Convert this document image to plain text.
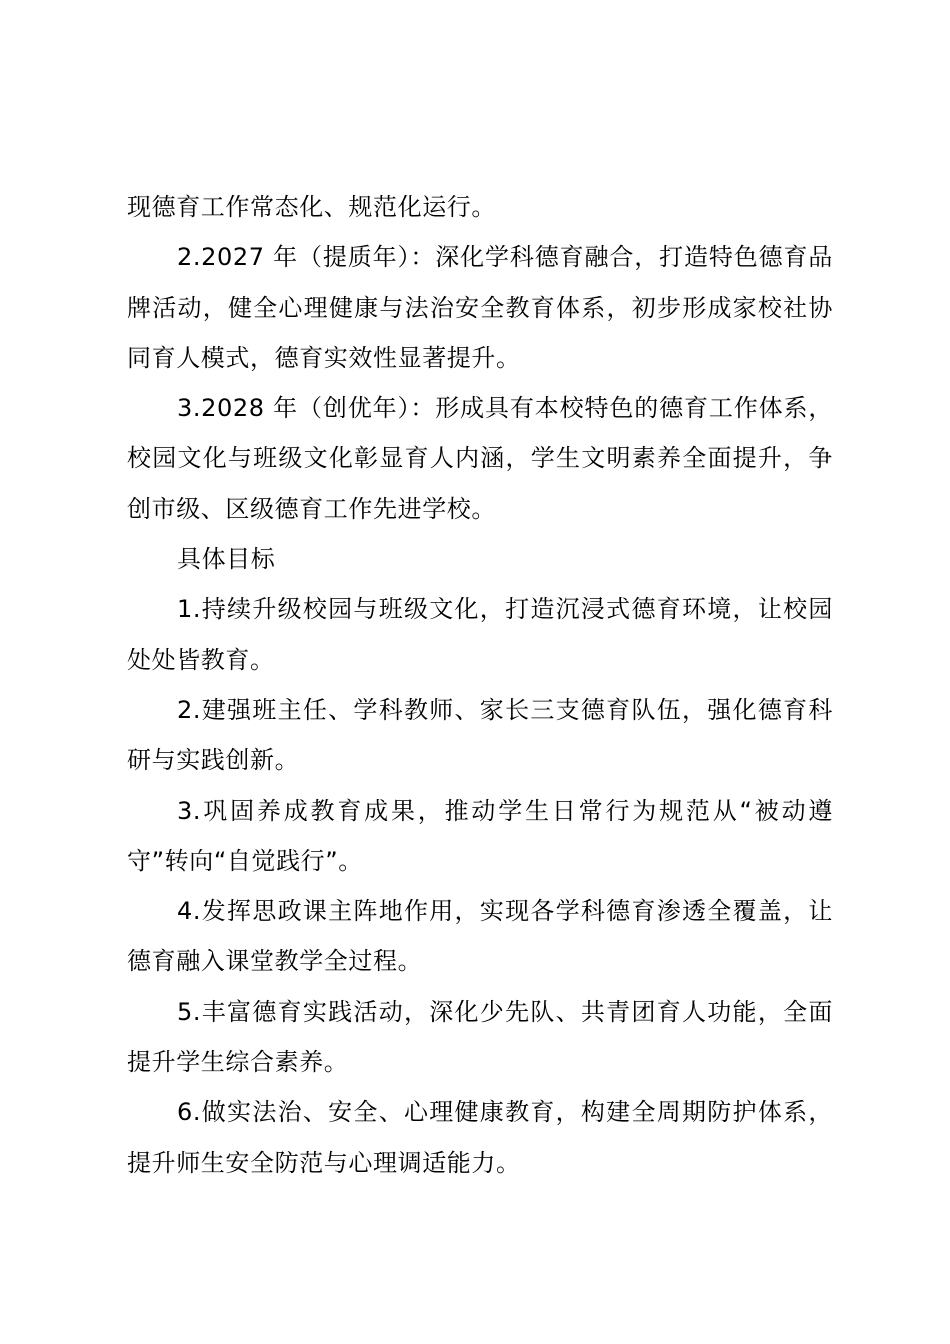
现德育工作常态化、规范化运行。

2.2027 年（提质年）：深化学科德育融合，打造特色德育品牌活动，健全心理健康与法治安全教育体系，初步形成家校社协同育人模式，德育实效性显著提升。

3.2028 年（创优年）：形成具有本校特色的德育工作体系，校园文化与班级文化彰显育人内涵，学生文明素养全面提升，争创市级、区级德育工作先进学校。

具体目标

1.持续升级校园与班级文化，打造沉浸式德育环境，让校园处处皆教育。

2.建强班主任、学科教师、家长三支德育队伍，强化德育科研与实践创新。

3.巩固养成教育成果，推动学生日常行为规范从“被动遵守”转向“自觉践行”。

4.发挥思政课主阵地作用，实现各学科德育渗透全覆盖，让德育融入课堂教学全过程。

5.丰富德育实践活动，深化少先队、共青团育人功能，全面提升学生综合素养。

6.做实法治、安全、心理健康教育，构建全周期防护体系，提升师生安全防范与心理调适能力。
